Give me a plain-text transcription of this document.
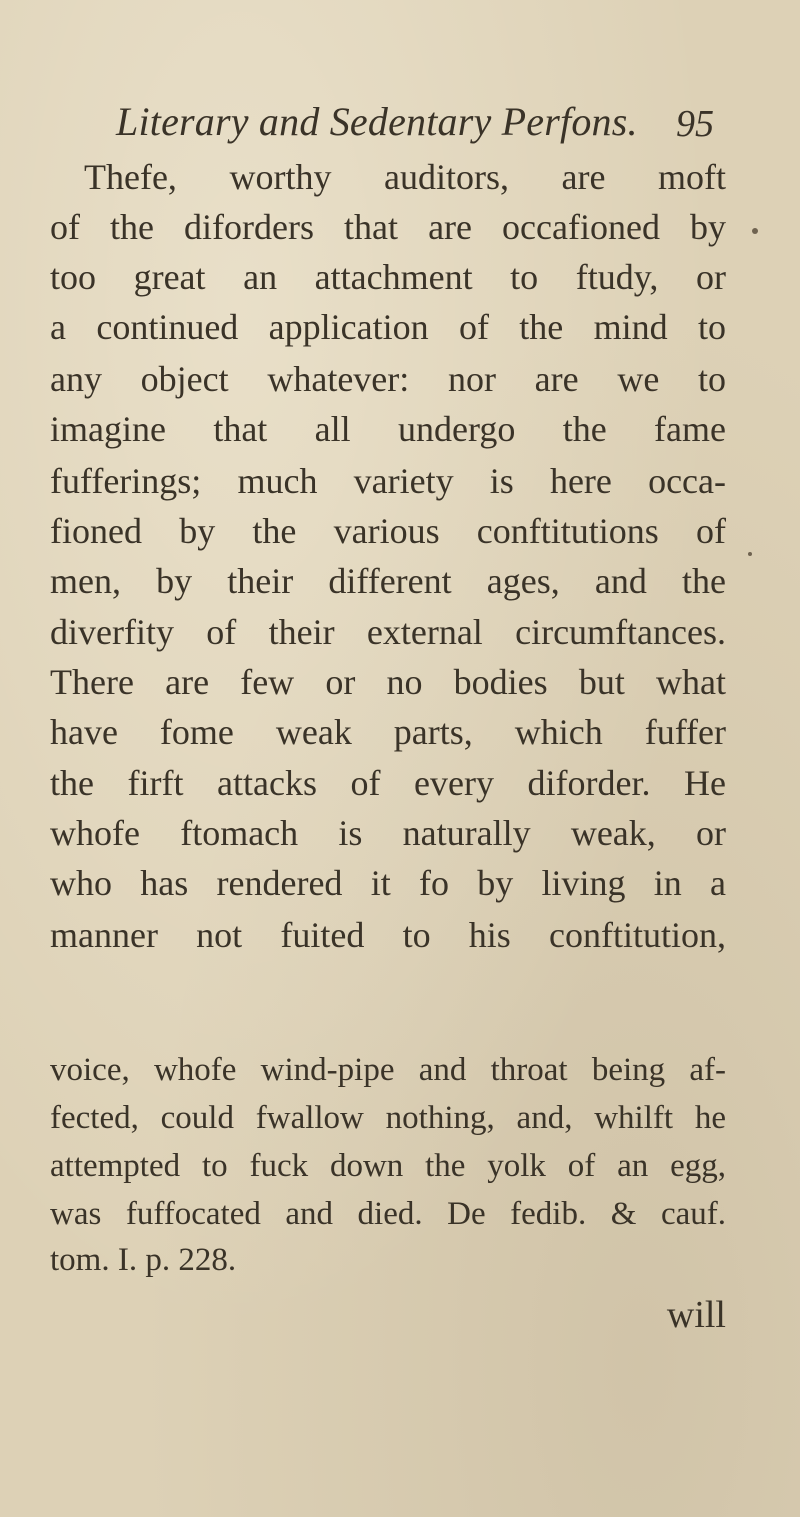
Literary and Sedentary Perfons.	95
Thefe, worthy auditors, are moft
of the diforders that are occafioned by
too great an attachment to ftudy, or
a continued application of the mind to
any object whatever: nor are we to
imagine that all undergo the fame
fufferings; much variety is here occa-
fioned by the various conftitutions of
men, by their different ages, and the
diverfity of their external circumftances.
There are few or no bodies but what
have fome weak parts, which fuffer
the firft attacks of every diforder. He
whofe ftomach is naturally weak, or
who has rendered it fo by living in a
manner not fuited to his conftitution,
voice, whofe wind-pipe and throat being af-
fected, could fwallow nothing, and, whilft he
attempted to fuck down the yolk of an egg,
was fuffocated and died. De fedib. & cauf.
tom. I. p. 228.
will
